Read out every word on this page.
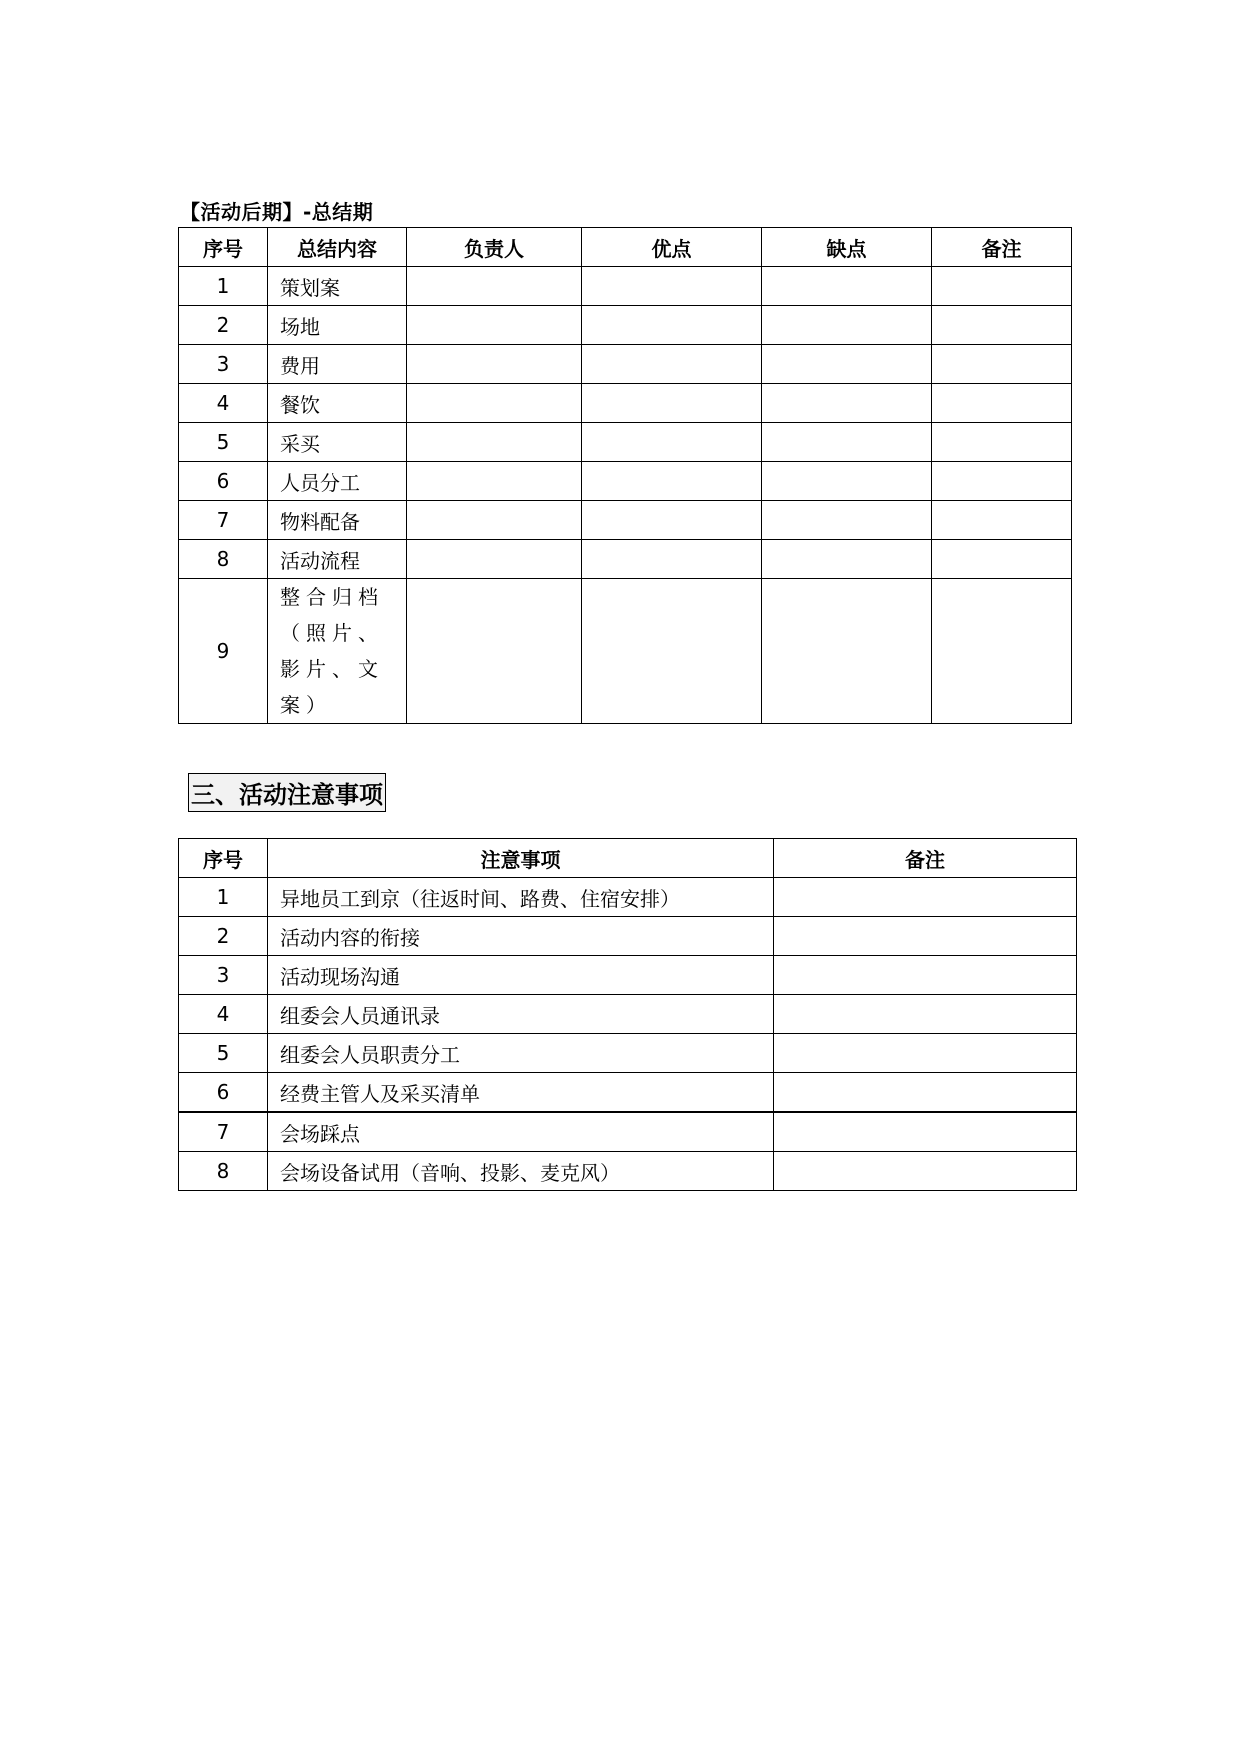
【活动后期】-总结期
序号	总结内容	负责人	优点	缺点	备注
1	策划案				
2	场地				
3	费用				
4	餐饮				
5	采买				
6	人员分工				
7	物料配备				
8	活动流程				
9	整合归档（照片、影片、文案）				
三、活动注意事项
序号	注意事项	备注
1	异地员工到京（往返时间、路费、住宿安排）	
2	活动内容的衔接	
3	活动现场沟通	
4	组委会人员通讯录	
5	组委会人员职责分工	
6	经费主管人及采买清单	
7	会场踩点	
8	会场设备试用（音响、投影、麦克风）	
